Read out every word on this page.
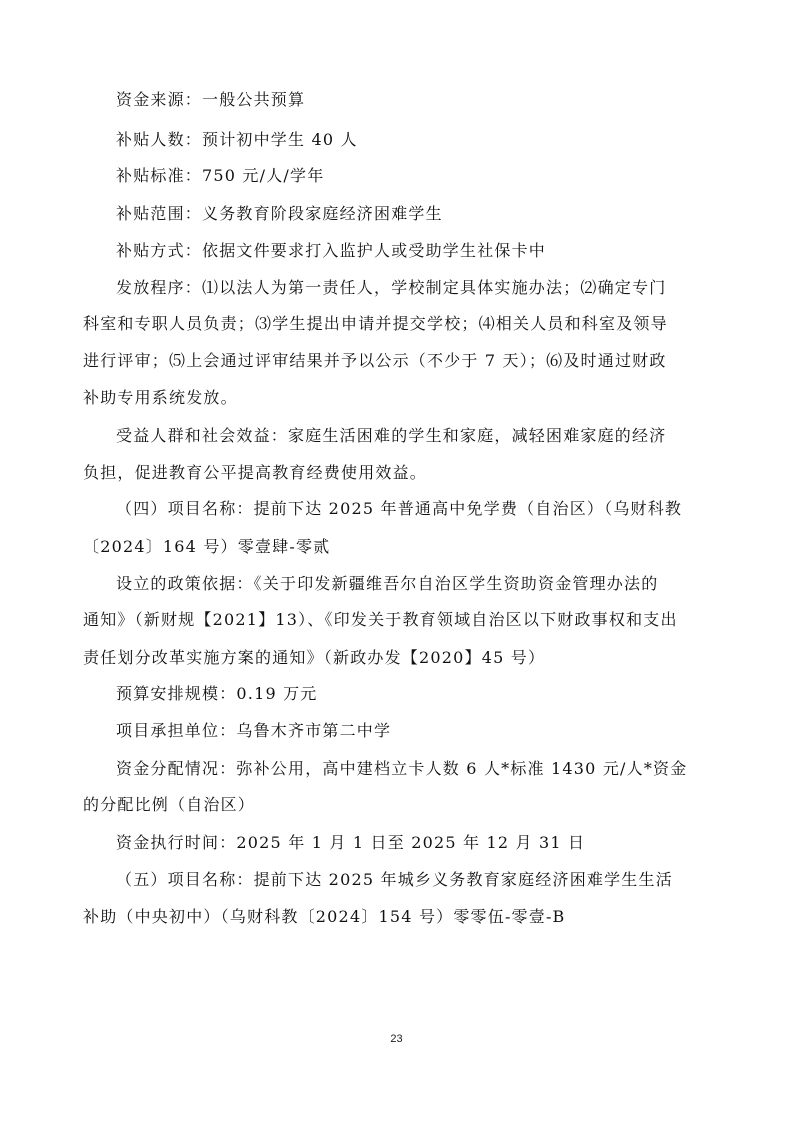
资金来源：一般公共预算
补贴人数：预计初中学生 40 人
补贴标准：750 元/人/学年
补贴范围：义务教育阶段家庭经济困难学生
补贴方式：依据文件要求打入监护人或受助学生社保卡中
发放程序：⑴以法人为第一责任人，学校制定具体实施办法；⑵确定专门
科室和专职人员负责；⑶学生提出申请并提交学校；⑷相关人员和科室及领导
进行评审；⑸上会通过评审结果并予以公示（不少于 7 天）；⑹及时通过财政
补助专用系统发放。
受益人群和社会效益：家庭生活困难的学生和家庭，减轻困难家庭的经济
负担，促进教育公平提高教育经费使用效益。
（四）项目名称：提前下达 2025 年普通高中免学费（自治区）（乌财科教
〔2024〕164 号）零壹肆-零贰
设立的政策依据：《关于印发新疆维吾尔自治区学生资助资金管理办法的
通知》（新财规【2021】13）、《印发关于教育领域自治区以下财政事权和支出
责任划分改革实施方案的通知》（新政办发【2020】45 号）
预算安排规模：0.19 万元
项目承担单位：乌鲁木齐市第二中学
资金分配情况：弥补公用，高中建档立卡人数 6 人*标准 1430 元/人*资金
的分配比例（自治区）
资金执行时间：2025 年 1 月 1 日至 2025 年 12 月 31 日
（五）项目名称：提前下达 2025 年城乡义务教育家庭经济困难学生生活
补助（中央初中）（乌财科教〔2024〕154 号）零零伍-零壹-B
23
